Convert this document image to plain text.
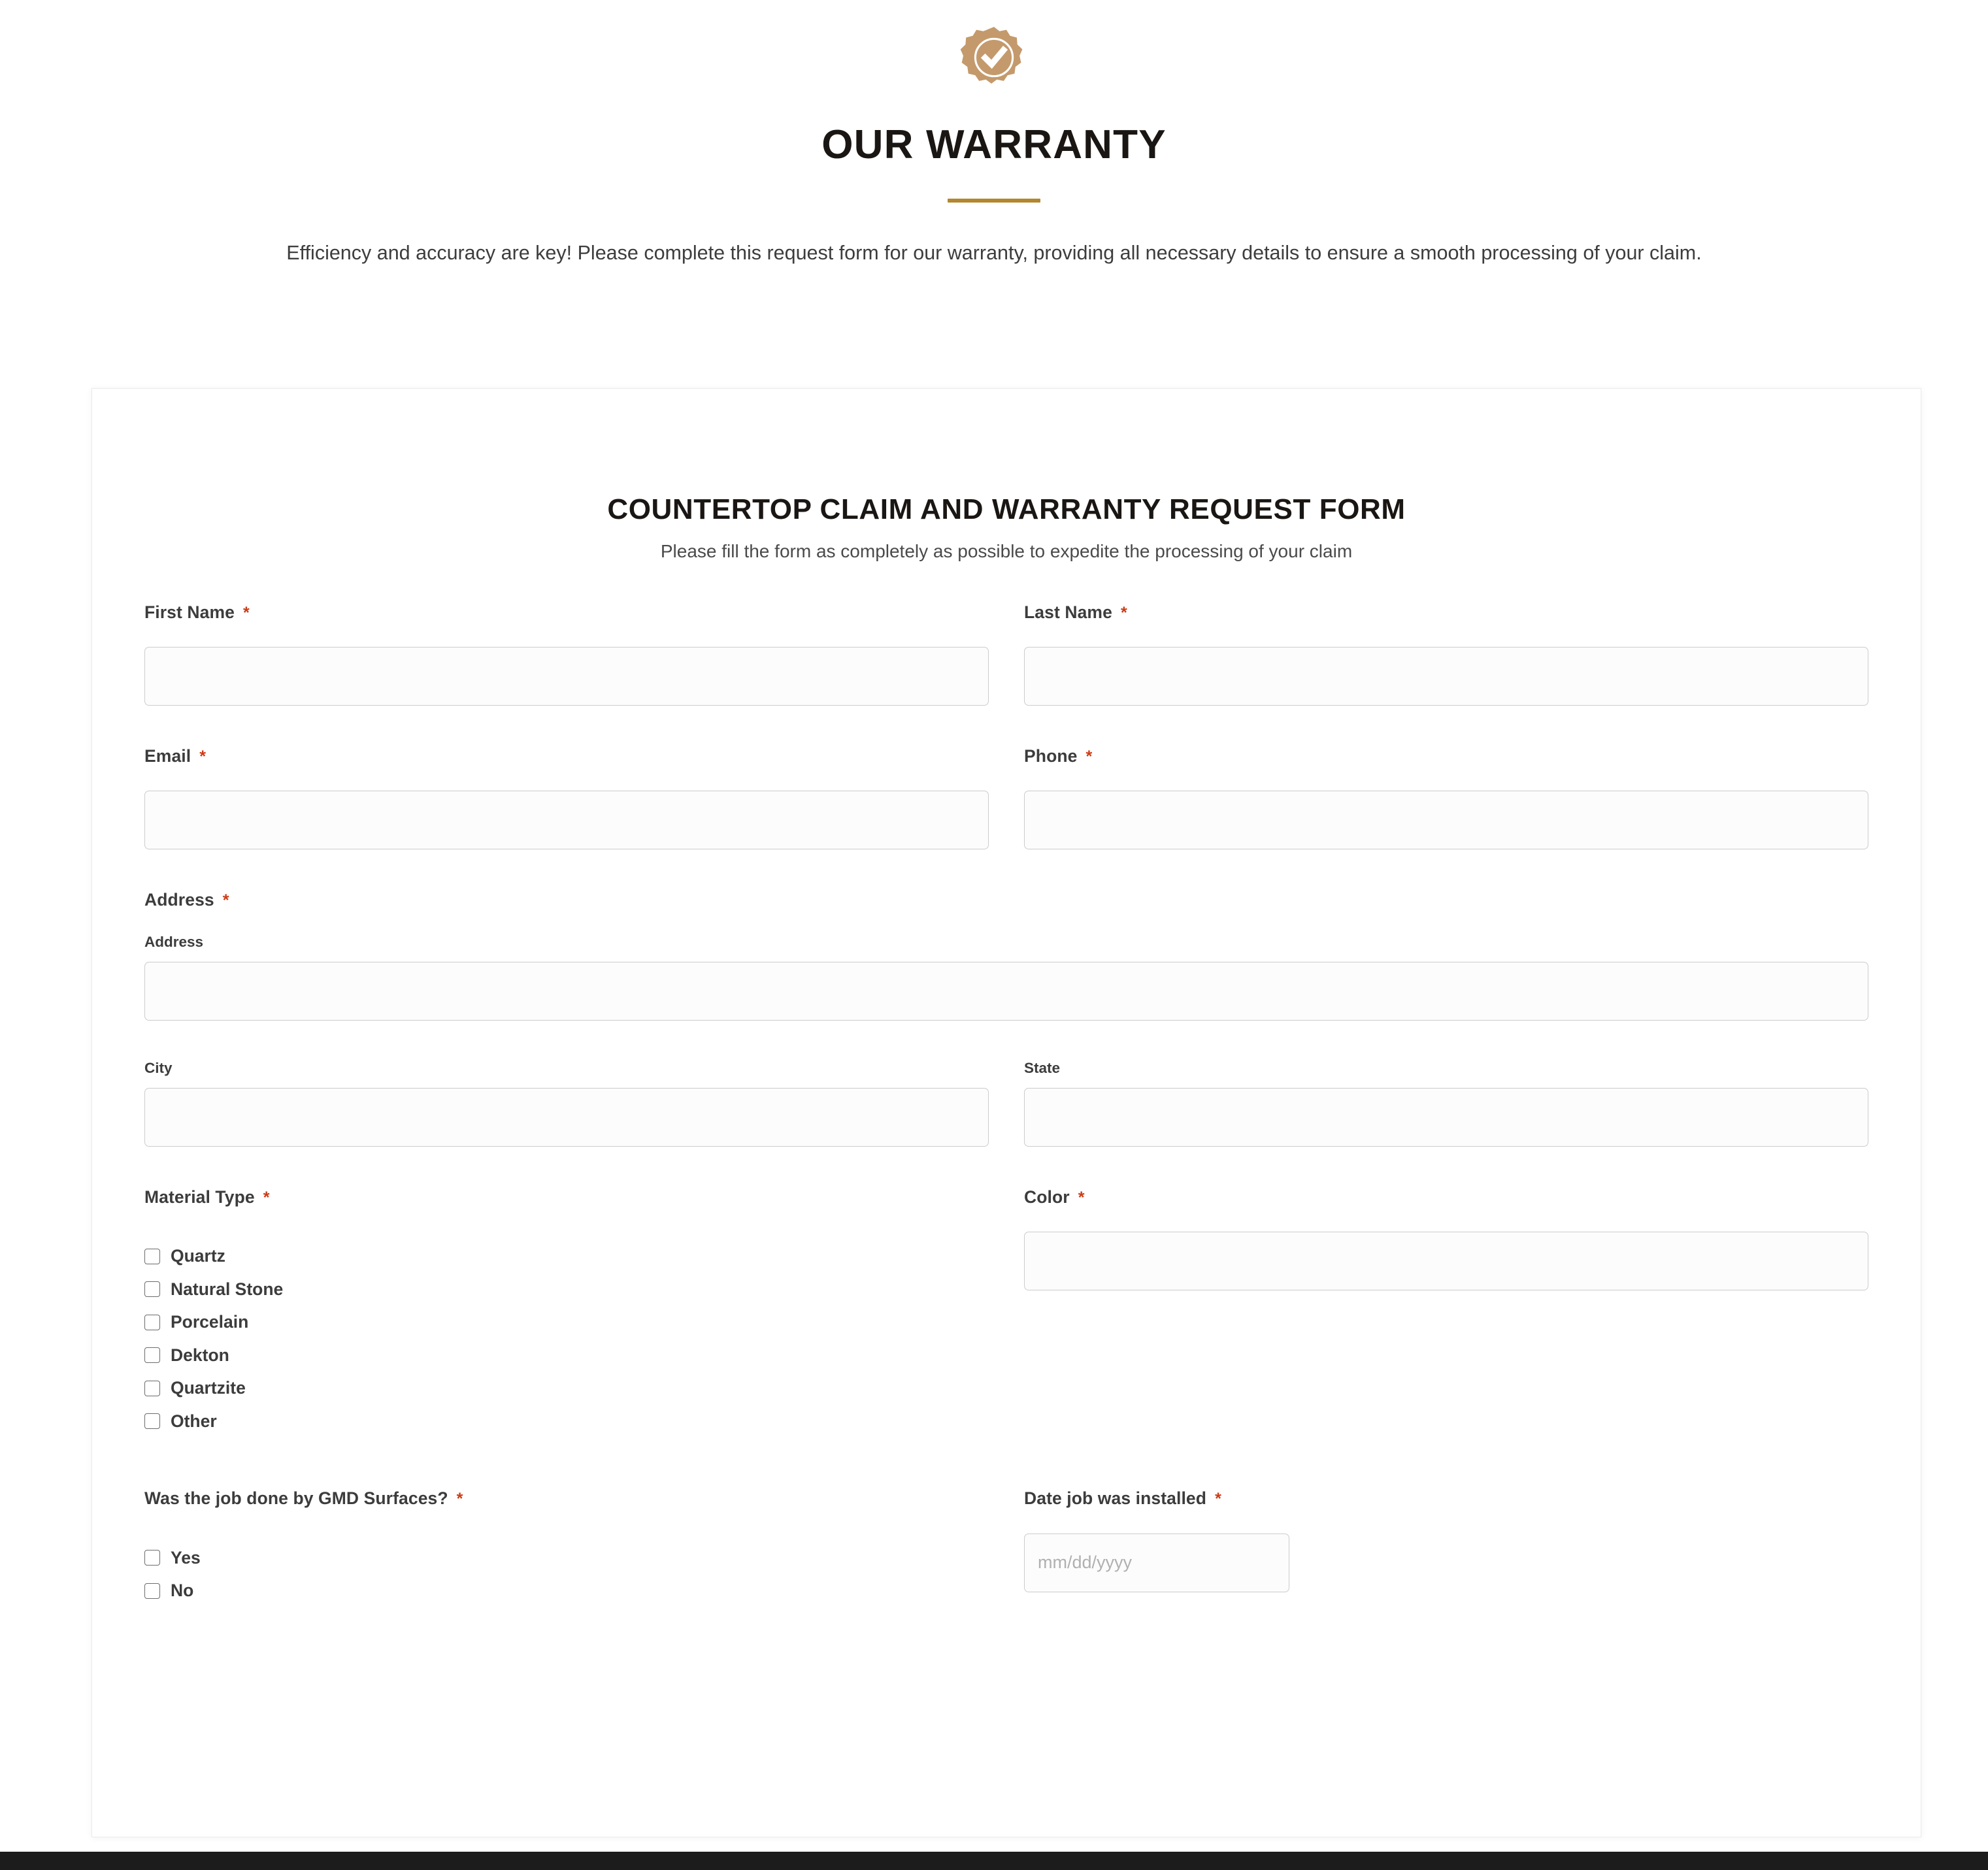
OUR WARRANTY
Efficiency and accuracy are key! Please complete this request form for our warranty, providing all necessary details to ensure a smooth processing of your claim.
COUNTERTOP CLAIM AND WARRANTY REQUEST FORM
Please fill the form as completely as possible to expedite the processing of your claim
First Name *	Last Name *
Email *	Phone *
Address *
Address
City	State
Material Type *
Quartz
Natural Stone
Porcelain
Dekton
Quartzite
Other
Color *
Was the job done by GMD Surfaces? *
Yes
No
Date job was installed *
mm/dd/yyyy
